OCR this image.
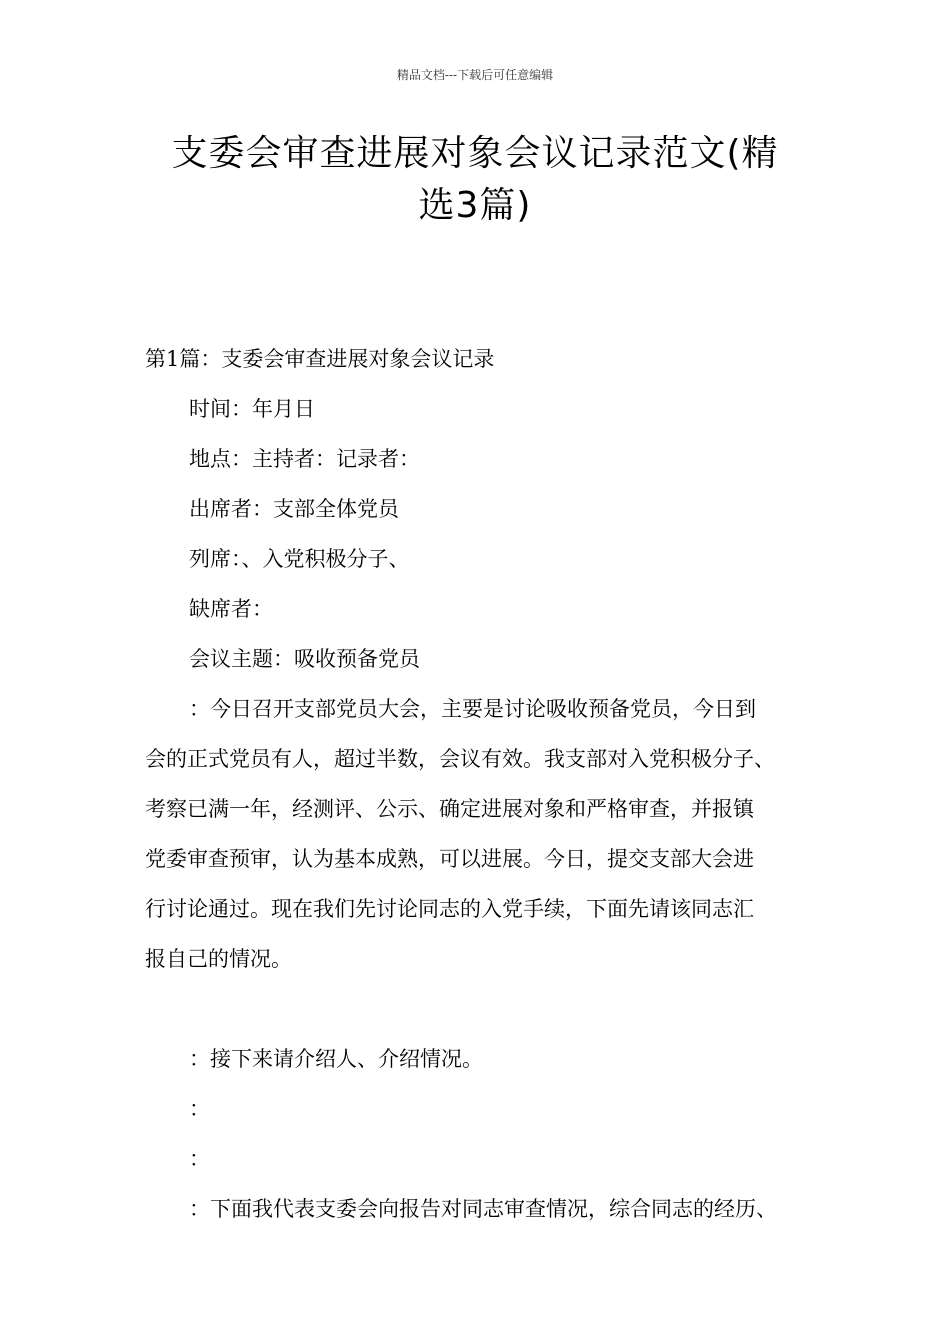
精品文档---下载后可任意编辑
支委会审查进展对象会议记录范文(精
选3篇)

第1篇：支委会审查进展对象会议记录

时间：年月日

地点：主持者：记录者：

出席者：支部全体党员

列席：、入党积极分子、

缺席者：

会议主题：吸收预备党员

：今日召开支部党员大会，主要是讨论吸收预备党员，今日到

会的正式党员有人，超过半数，会议有效。我支部对入党积极分子、

考察已满一年，经测评、公示、确定进展对象和严格审查，并报镇

党委审查预审，认为基本成熟，可以进展。今日，提交支部大会进

行讨论通过。现在我们先讨论同志的入党手续，下面先请该同志汇

报自己的情况。

：接下来请介绍人、介绍情况。

：

：

：下面我代表支委会向报告对同志审查情况，综合同志的经历、
